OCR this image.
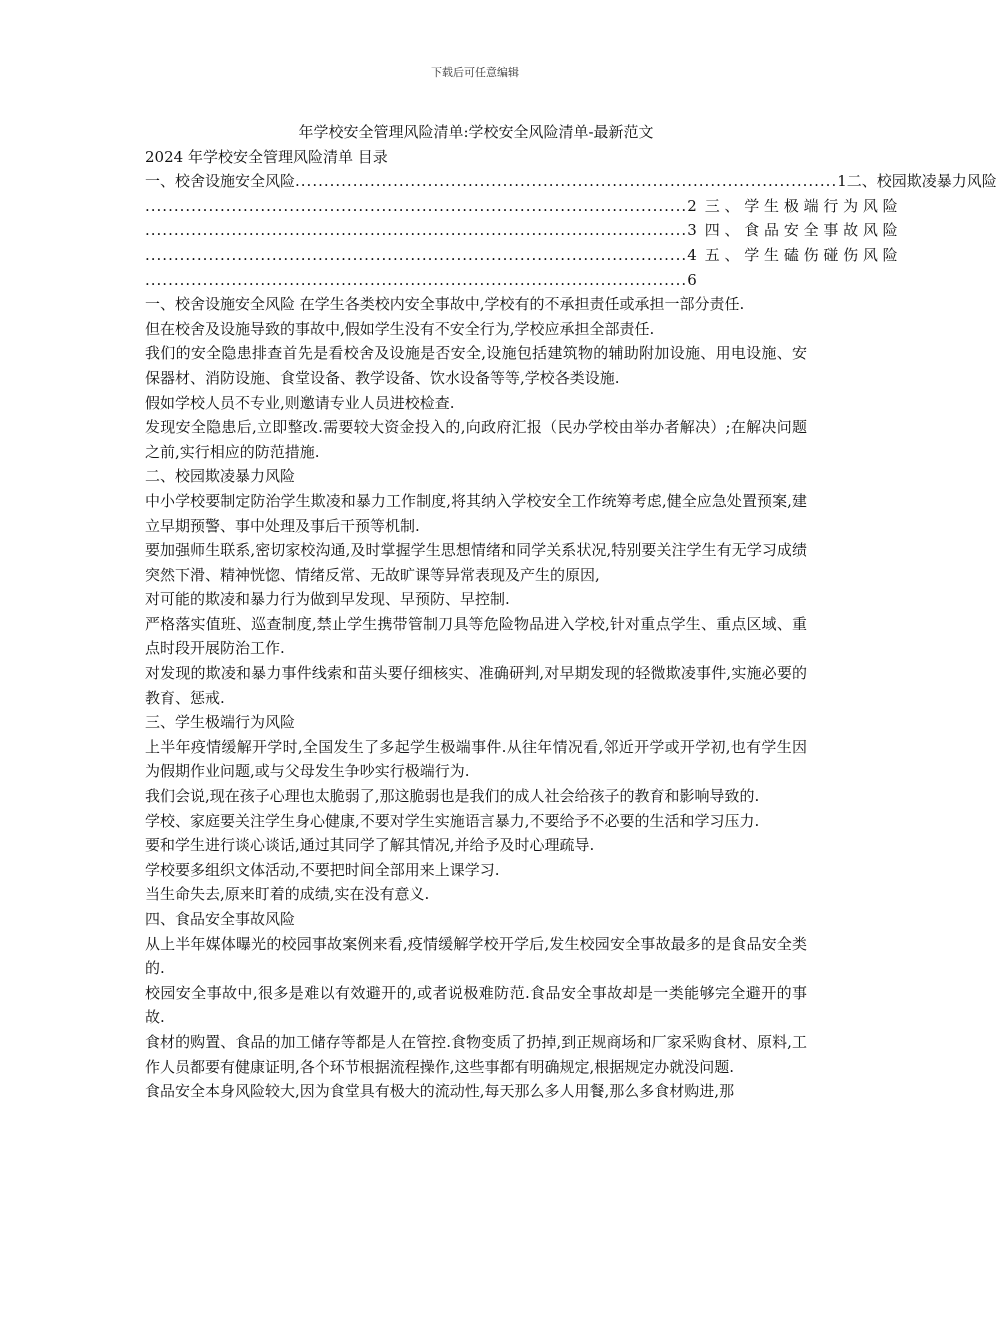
下载后可任意编辑
年学校安全管理风险清单:学校安全风险清单-最新范文
2024 年学校安全管理风险清单 目录
一、校舍设施安全风险 .............................................................................................. 1 二、校园欺凌暴力风险
.............................................................................................. 2 三 、 学 生 极 端 行 为 风 险
.............................................................................................. 3 四 、 食 品 安 全 事 故 风 险
.............................................................................................. 4 五 、 学 生 磕 伤 碰 伤 风 险
.............................................................................................. 6

一、校舍设施安全风险 在学生各类校内安全事故中,学校有的不承担责任或承担一部分责任.

但在校舍及设施导致的事故中,假如学生没有不安全行为,学校应承担全部责任.

我们的安全隐患排查首先是看校舍及设施是否安全,设施包括建筑物的辅助附加设施、用电设施、安保器材、消防设施、食堂设备、教学设备、饮水设备等等,学校各类设施.

假如学校人员不专业,则邀请专业人员进校检查.

发现安全隐患后,立即整改.需要较大资金投入的,向政府汇报（民办学校由举办者解决）;在解决问题之前,实行相应的防范措施.

二、校园欺凌暴力风险

中小学校要制定防治学生欺凌和暴力工作制度,将其纳入学校安全工作统筹考虑,健全应急处置预案,建立早期预警、事中处理及事后干预等机制.

要加强师生联系,密切家校沟通,及时掌握学生思想情绪和同学关系状况,特别要关注学生有无学习成绩突然下滑、精神恍惚、情绪反常、无故旷课等异常表现及产生的原因,

对可能的欺凌和暴力行为做到早发现、早预防、早控制.

严格落实值班、巡查制度,禁止学生携带管制刀具等危险物品进入学校,针对重点学生、重点区域、重点时段开展防治工作.

对发现的欺凌和暴力事件线索和苗头要仔细核实、准确研判,对早期发现的轻微欺凌事件,实施必要的教育、惩戒.

三、学生极端行为风险

上半年疫情缓解开学时,全国发生了多起学生极端事件.从往年情况看,邻近开学或开学初,也有学生因为假期作业问题,或与父母发生争吵实行极端行为.

我们会说,现在孩子心理也太脆弱了,那这脆弱也是我们的成人社会给孩子的教育和影响导致的.

学校、家庭要关注学生身心健康,不要对学生实施语言暴力,不要给予不必要的生活和学习压力.

要和学生进行谈心谈话,通过其同学了解其情况,并给予及时心理疏导.

学校要多组织文体活动,不要把时间全部用来上课学习.

当生命失去,原来盯着的成绩,实在没有意义.

四、食品安全事故风险

从上半年媒体曝光的校园事故案例来看,疫情缓解学校开学后,发生校园安全事故最多的是食品安全类的.

校园安全事故中,很多是难以有效避开的,或者说极难防范.食品安全事故却是一类能够完全避开的事故.

食材的购置、食品的加工储存等都是人在管控.食物变质了扔掉,到正规商场和厂家采购食材、原料,工作人员都要有健康证明,各个环节根据流程操作,这些事都有明确规定,根据规定办就没问题.

食品安全本身风险较大,因为食堂具有极大的流动性,每天那么多人用餐,那么多食材购进,那
